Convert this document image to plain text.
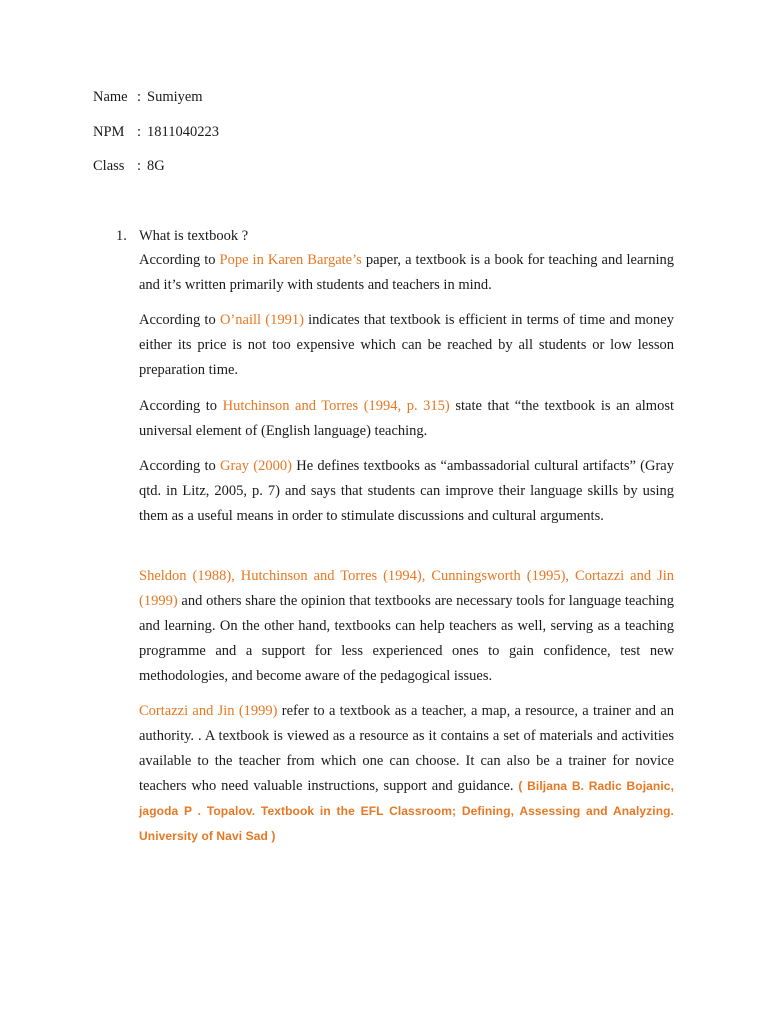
Name : Sumiyem
NPM : 1811040223
Class : 8G
1. What is textbook ?

According to Pope in Karen Bargate’s paper, a textbook is a book for teaching and learning and it’s written primarily with students and teachers in mind.

According to O’naill (1991) indicates that textbook is efficient in terms of time and money either its price is not too expensive which can be reached by all students or low lesson preparation time.

According to Hutchinson and Torres (1994, p. 315) state that “the textbook is an almost universal element of (English language) teaching.

According to Gray (2000) He defines textbooks as “ambassadorial cultural artifacts” (Gray qtd. in Litz, 2005, p. 7) and says that students can improve their language skills by using them as a useful means in order to stimulate discussions and cultural arguments.

Sheldon (1988), Hutchinson and Torres (1994), Cunningsworth (1995), Cortazzi and Jin (1999) and others share the opinion that textbooks are necessary tools for language teaching and learning. On the other hand, textbooks can help teachers as well, serving as a teaching programme and a support for less experienced ones to gain confidence, test new methodologies, and become aware of the pedagogical issues.

Cortazzi and Jin (1999) refer to a textbook as a teacher, a map, a resource, a trainer and an authority. . A textbook is viewed as a resource as it contains a set of materials and activities available to the teacher from which one can choose. It can also be a trainer for novice teachers who need valuable instructions, support and guidance. ( Biljana B. Radic Bojanic, jagoda P . Topalov. Textbook in the EFL Classroom; Defining, Assessing and Analyzing. University of Navi Sad )
